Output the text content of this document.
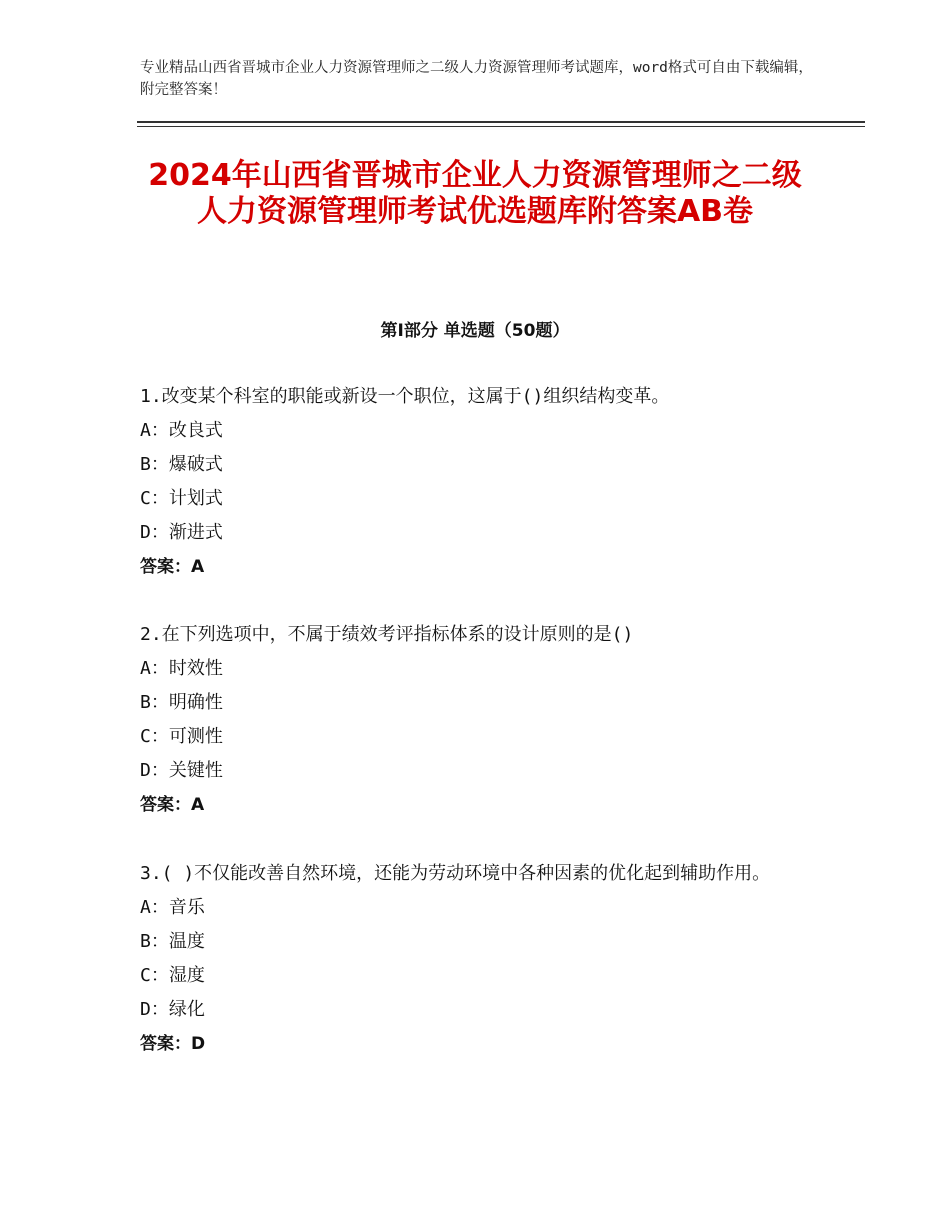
专业精品山西省晋城市企业人力资源管理师之二级人力资源管理师考试题库，word格式可自由下载编辑，附完整答案！
2024年山西省晋城市企业人力资源管理师之二级人力资源管理师考试优选题库附答案AB卷
第Ⅰ部分 单选题（50题）
1.改变某个科室的职能或新设一个职位，这属于()组织结构变革。
A：改良式
B：爆破式
C：计划式
D：渐进式
答案：A
2.在下列选项中，不属于绩效考评指标体系的设计原则的是()
A：时效性
B：明确性
C：可测性
D：关键性
答案：A
3.( )不仅能改善自然环境，还能为劳动环境中各种因素的优化起到辅助作用。
A：音乐
B：温度
C：湿度
D：绿化
答案：D
